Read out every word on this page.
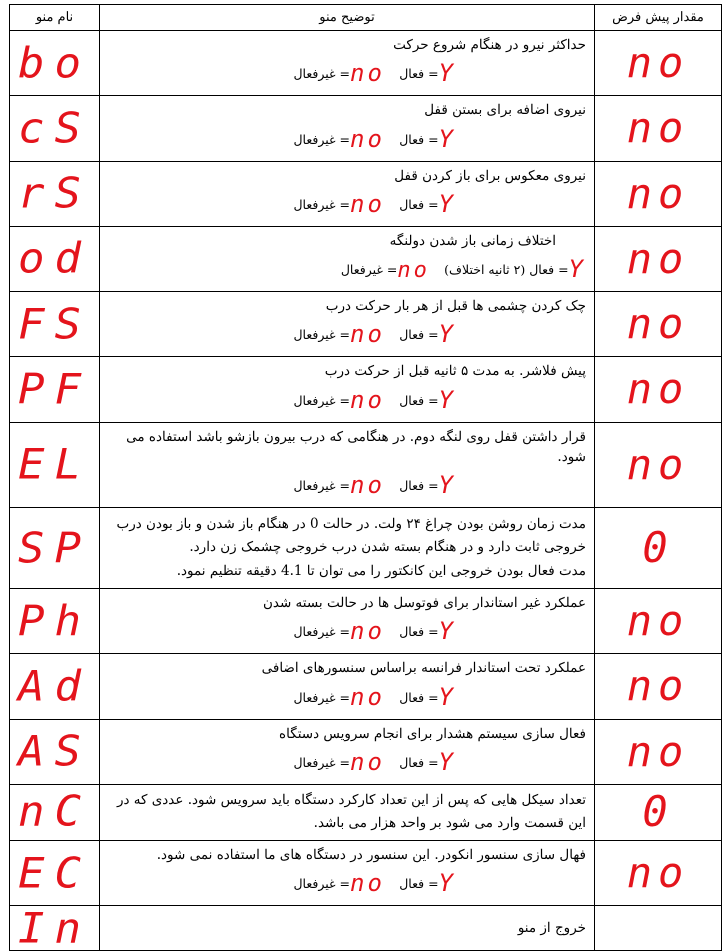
نام منو	توضیح منو	مقدار پیش فرض
bo	حداکثر نیرو در هنگام شروع حرکت
Y= فعال no= غیرفعال	no
cS	نیروی اضافه برای بستن قفل
Y= فعال no= غیرفعال	no
rS	نیروی معکوس برای باز کردن قفل
Y= فعال no= غیرفعال	no
od	اختلاف زمانی باز شدن دولنگه
Y= فعال (۲ ثانیه اختلاف) no= غیرفعال	no
FS	چک کردن چشمی ها قبل از هر بار حرکت درب
Y= فعال no= غیرفعال	no
PF	پیش فلاشر. به مدت ۵ ثانیه قبل از حرکت درب
Y= فعال no= غیرفعال	no
EL	قرار داشتن قفل روی لنگه دوم. در هنگامی که درب بیرون بازشو باشد استفاده می شود.
Y= فعال no= غیرفعال	no
SP	مدت زمان روشن بودن چراغ ۲۴ ولت. در حالت 0 در هنگام باز شدن و باز بودن درب
خروجی ثابت دارد و در هنگام بسته شدن درب خروجی چشمک زن دارد.
مدت فعال بودن خروجی این کانکتور را می توان تا 4.1 دقیقه تنظیم نمود.	0
Ph	عملکرد غیر استاندار برای فوتوسل ها در حالت بسته شدن
Y= فعال no= غیرفعال	no
Ad	عملکرد تحت استاندار فرانسه براساس سنسورهای اضافی
Y= فعال no= غیرفعال	no
AS	فعال سازی سیستم هشدار برای انجام سرویس دستگاه
Y= فعال no= غیرفعال	no
nC	تعداد سیکل هایی که پس از این تعداد کارکرد دستگاه باید سرویس شود. عددی که در
این قسمت وارد می شود بر واحد هزار می باشد.	0
EC	فهال سازی سنسور انکودر. این سنسور در دستگاه های ما استفاده نمی شود.
Y= فعال no= غیرفعال	no
In	خروج از منو	
